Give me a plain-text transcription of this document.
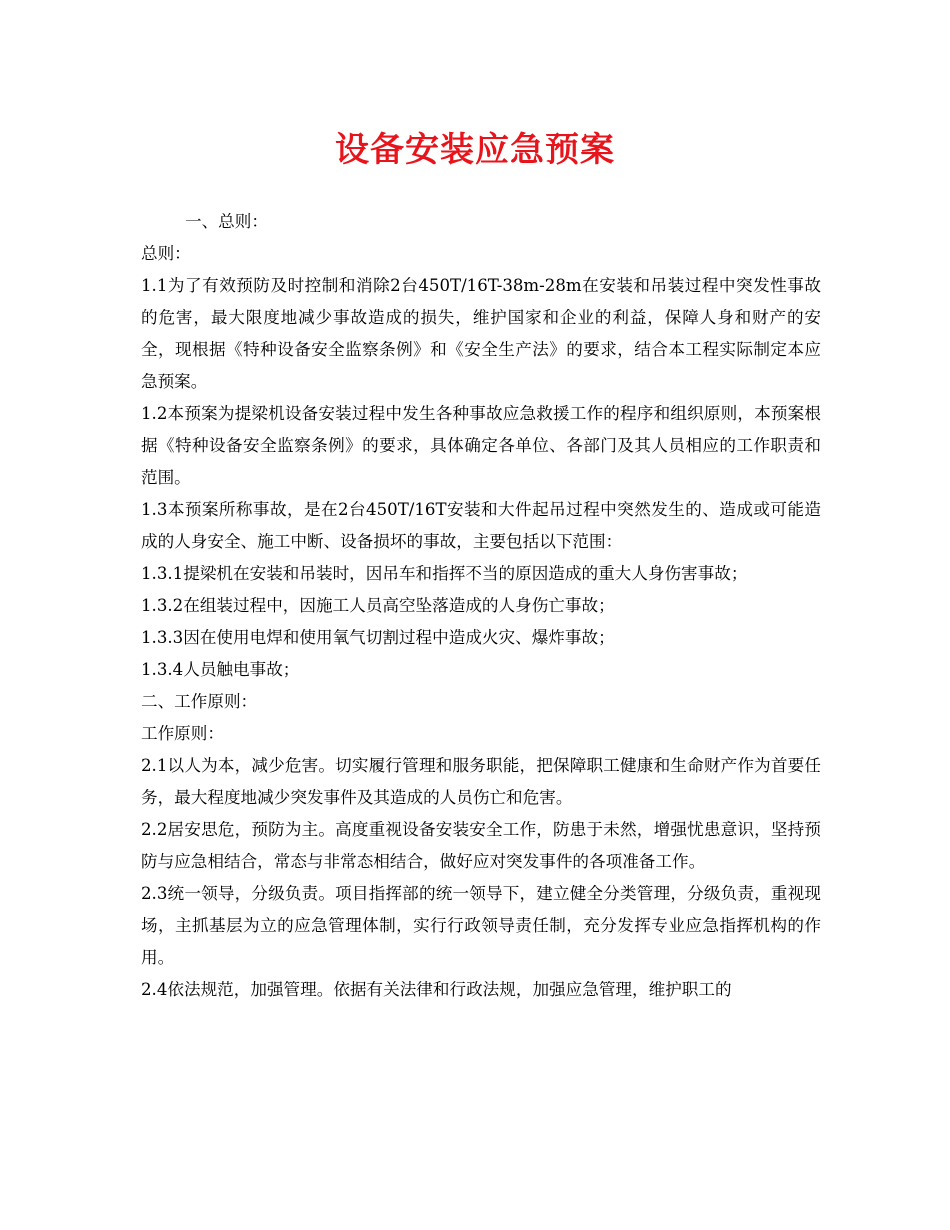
设备安装应急预案

一、总则：

总则：

1.1为了有效预防及时控制和消除2台450T/16T-38m-28m在安装和吊装过程中突发性事故的危害，最大限度地减少事故造成的损失，维护国家和企业的利益，保障人身和财产的安全，现根据《特种设备安全监察条例》和《安全生产法》的要求，结合本工程实际制定本应急预案。

1.2本预案为提梁机设备安装过程中发生各种事故应急救援工作的程序和组织原则，本预案根据《特种设备安全监察条例》的要求，具体确定各单位、各部门及其人员相应的工作职责和范围。

1.3本预案所称事故，是在2台450T/16T安装和大件起吊过程中突然发生的、造成或可能造成的人身安全、施工中断、设备损坏的事故，主要包括以下范围：

1.3.1提梁机在安装和吊装时，因吊车和指挥不当的原因造成的重大人身伤害事故；

1.3.2在组装过程中，因施工人员高空坠落造成的人身伤亡事故；

1.3.3因在使用电焊和使用氧气切割过程中造成火灾、爆炸事故；

1.3.4人员触电事故；

二、工作原则：

工作原则：

2.1以人为本，减少危害。切实履行管理和服务职能，把保障职工健康和生命财产作为首要任务，最大程度地减少突发事件及其造成的人员伤亡和危害。

2.2居安思危，预防为主。高度重视设备安装安全工作，防患于未然，增强忧患意识，坚持预防与应急相结合，常态与非常态相结合，做好应对突发事件的各项准备工作。

2.3统一领导，分级负责。项目指挥部的统一领导下，建立健全分类管理，分级负责，重视现场，主抓基层为立的应急管理体制，实行行政领导责任制，充分发挥专业应急指挥机构的作用。

2.4依法规范，加强管理。依据有关法律和行政法规，加强应急管理，维护职工的
